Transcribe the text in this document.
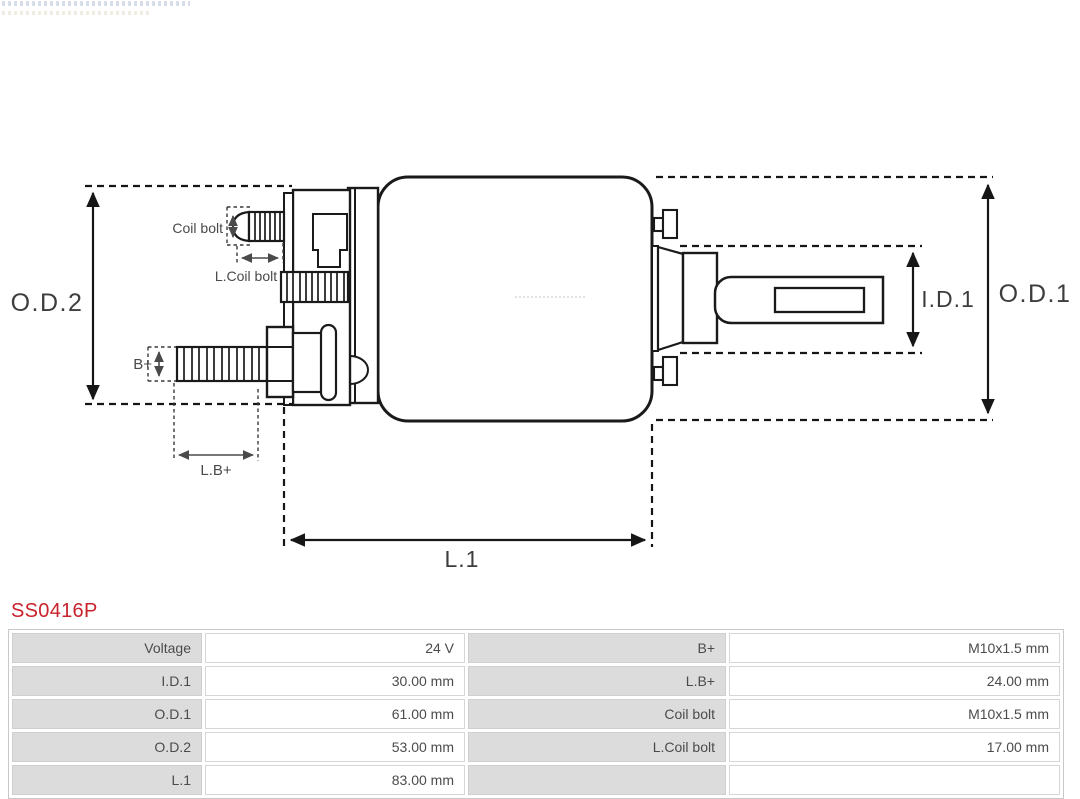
O.D.2	O.D.1
I.D.1
L.1
Coil bolt
L.Coil bolt
B+
L.B+
SS0416P
Voltage	24 V	B+	M10x1.5 mm
I.D.1	30.00 mm	L.B+	24.00 mm
O.D.1	61.00 mm	Coil bolt	M10x1.5 mm
O.D.2	53.00 mm	L.Coil bolt	17.00 mm
L.1	83.00 mm		
